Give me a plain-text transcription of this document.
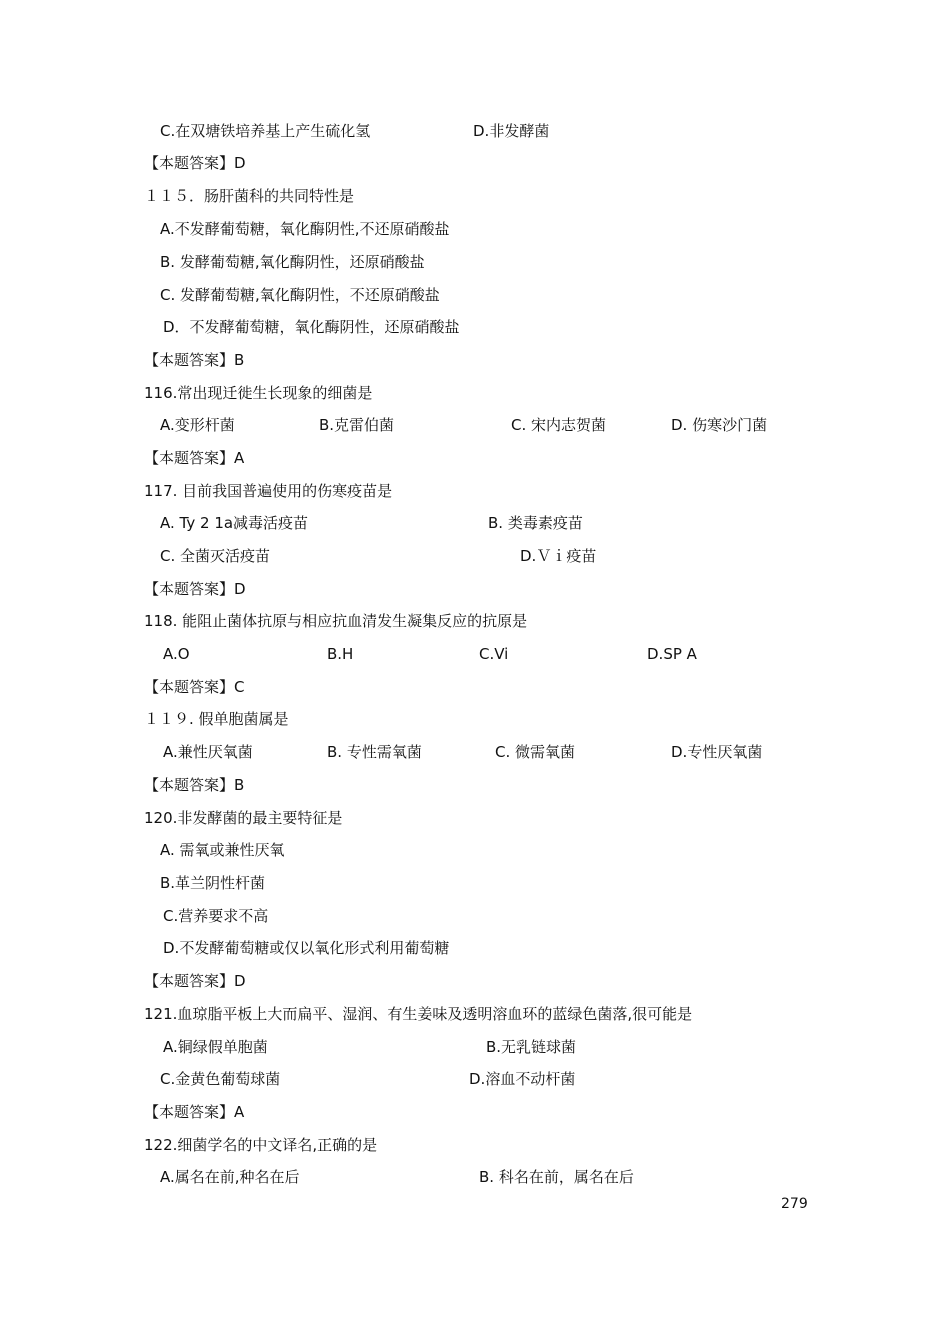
C.在双塘铁培养基上产生硫化氢	D.非发酵菌
【本题答案】D
１１５．肠肝菌科的共同特性是
A.不发酵葡萄糖，氧化酶阴性,不还原硝酸盐
B. 发酵葡萄糖,氧化酶阴性，还原硝酸盐
C. 发酵葡萄糖,氧化酶阴性，不还原硝酸盐
D．不发酵葡萄糖，氧化酶阴性，还原硝酸盐
【本题答案】B
116.常出现迁徙生长现象的细菌是
A.变形杆菌	B.克雷伯菌	C. 宋内志贺菌	D. 伤寒沙门菌
【本题答案】A
117. 目前我国普遍使用的伤寒疫苗是
A. Ty 2 1a减毒活疫苗	B. 类毒素疫苗
C. 全菌灭活疫苗	D.Ｖｉ疫苗
【本题答案】D
118. 能阻止菌体抗原与相应抗血清发生凝集反应的抗原是
A.O	B.H	C.Vi	D.SP A
【本题答案】C
１１９. 假单胞菌属是
A.兼性厌氧菌	B. 专性需氧菌	C. 微需氧菌	D.专性厌氧菌
【本题答案】B
120.非发酵菌的最主要特征是
A. 需氧或兼性厌氧
B.革兰阴性杆菌
C.营养要求不高
D.不发酵葡萄糖或仅以氧化形式利用葡萄糖
【本题答案】D
121.血琼脂平板上大而扁平、湿润、有生姜味及透明溶血环的蓝绿色菌落,很可能是
A.铜绿假单胞菌	B.无乳链球菌
C.金黄色葡萄球菌	D.溶血不动杆菌
【本题答案】A
122.细菌学名的中文译名,正确的是
A.属名在前,种名在后	B. 科名在前，属名在后
279
